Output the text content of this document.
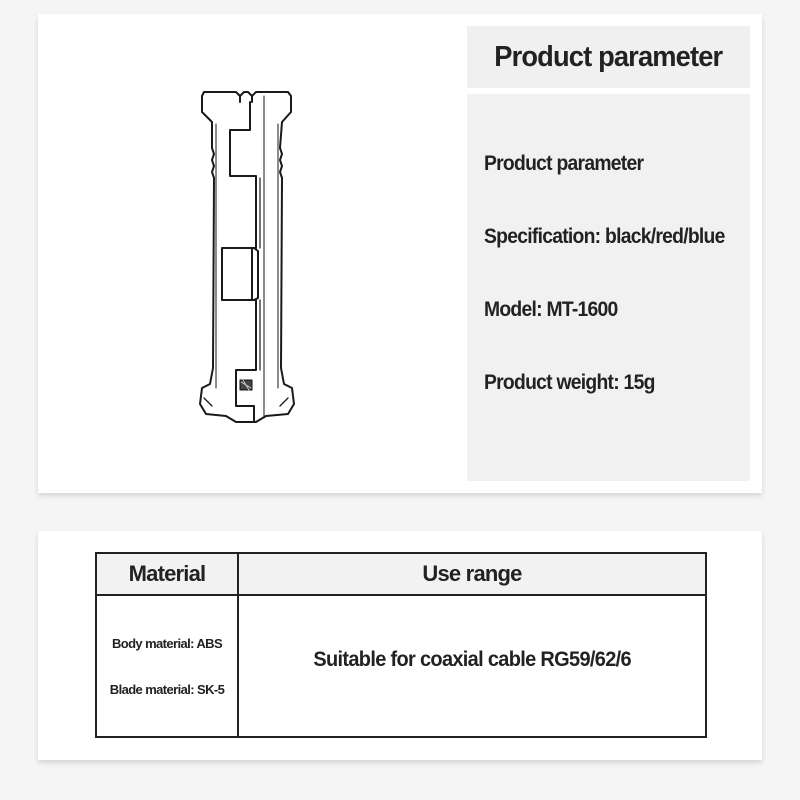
Product parameter
Product parameter
Specification: black/red/blue
Model: MT-1600
Product weight: 15g
Material	Use range

Body material: ABS
Blade material: SK-5	Suitable for coaxial cable RG59/62/6
